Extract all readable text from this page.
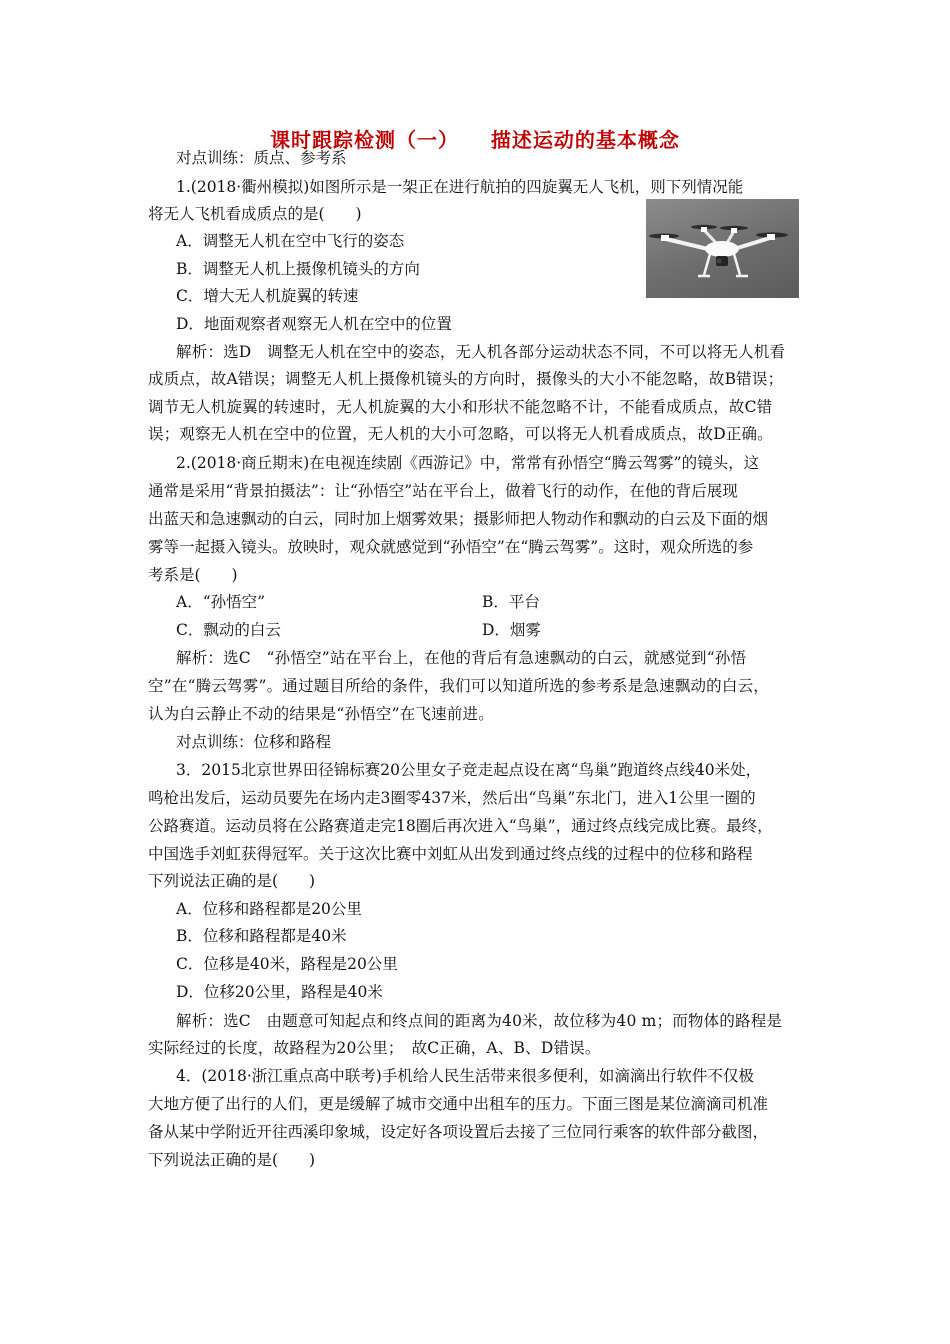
课时跟踪检测（一）    描述运动的基本概念
对点训练：质点、参考系
1.(2018·衢州模拟)如图所示是一架正在进行航拍的四旋翼无人飞机，则下列情况能
将无人飞机看成质点的是(　　)
A．调整无人机在空中飞行的姿态
B．调整无人机上摄像机镜头的方向
C．增大无人机旋翼的转速
D．地面观察者观察无人机在空中的位置
解析：选D　调整无人机在空中的姿态，无人机各部分运动状态不同，不可以将无人机看
成质点，故A错误；调整无人机上摄像机镜头的方向时，摄像头的大小不能忽略，故B错误；
调节无人机旋翼的转速时，无人机旋翼的大小和形状不能忽略不计，不能看成质点，故C错
误；观察无人机在空中的位置，无人机的大小可忽略，可以将无人机看成质点，故D正确。
2.(2018·商丘期末)在电视连续剧《西游记》中，常常有孙悟空“腾云驾雾”的镜头，这
通常是采用“背景拍摄法”：让“孙悟空”站在平台上，做着飞行的动作，在他的背后展现
出蓝天和急速飘动的白云，同时加上烟雾效果；摄影师把人物动作和飘动的白云及下面的烟
雾等一起摄入镜头。放映时，观众就感觉到“孙悟空”在“腾云驾雾”。这时，观众所选的参
考系是(　　)
A．“孙悟空”	B．平台
C．飘动的白云	D．烟雾
解析：选C　“孙悟空”站在平台上，在他的背后有急速飘动的白云，就感觉到“孙悟
空”在“腾云驾雾”。通过题目所给的条件，我们可以知道所选的参考系是急速飘动的白云，
认为白云静止不动的结果是“孙悟空”在飞速前进。
对点训练：位移和路程
3．2015北京世界田径锦标赛20公里女子竞走起点设在离“鸟巢”跑道终点线40米处，
鸣枪出发后，运动员要先在场内走3圈零437米，然后出“鸟巢”东北门，进入1公里一圈的
公路赛道。运动员将在公路赛道走完18圈后再次进入“鸟巢”，通过终点线完成比赛。最终，
中国选手刘虹获得冠军。关于这次比赛中刘虹从出发到通过终点线的过程中的位移和路程
下列说法正确的是(　　)
A．位移和路程都是20公里
B．位移和路程都是40米
C．位移是40米，路程是20公里
D．位移20公里，路程是40米
解析：选C　由题意可知起点和终点间的距离为40米，故位移为40 m；而物体的路程是
实际经过的长度，故路程为20公里；　故C正确，A、B、D错误。
4．(2018·浙江重点高中联考)手机给人民生活带来很多便利，如滴滴出行软件不仅极
大地方便了出行的人们，更是缓解了城市交通中出租车的压力。下面三图是某位滴滴司机准
备从某中学附近开往西溪印象城，设定好各项设置后去接了三位同行乘客的软件部分截图，
下列说法正确的是(　　)
